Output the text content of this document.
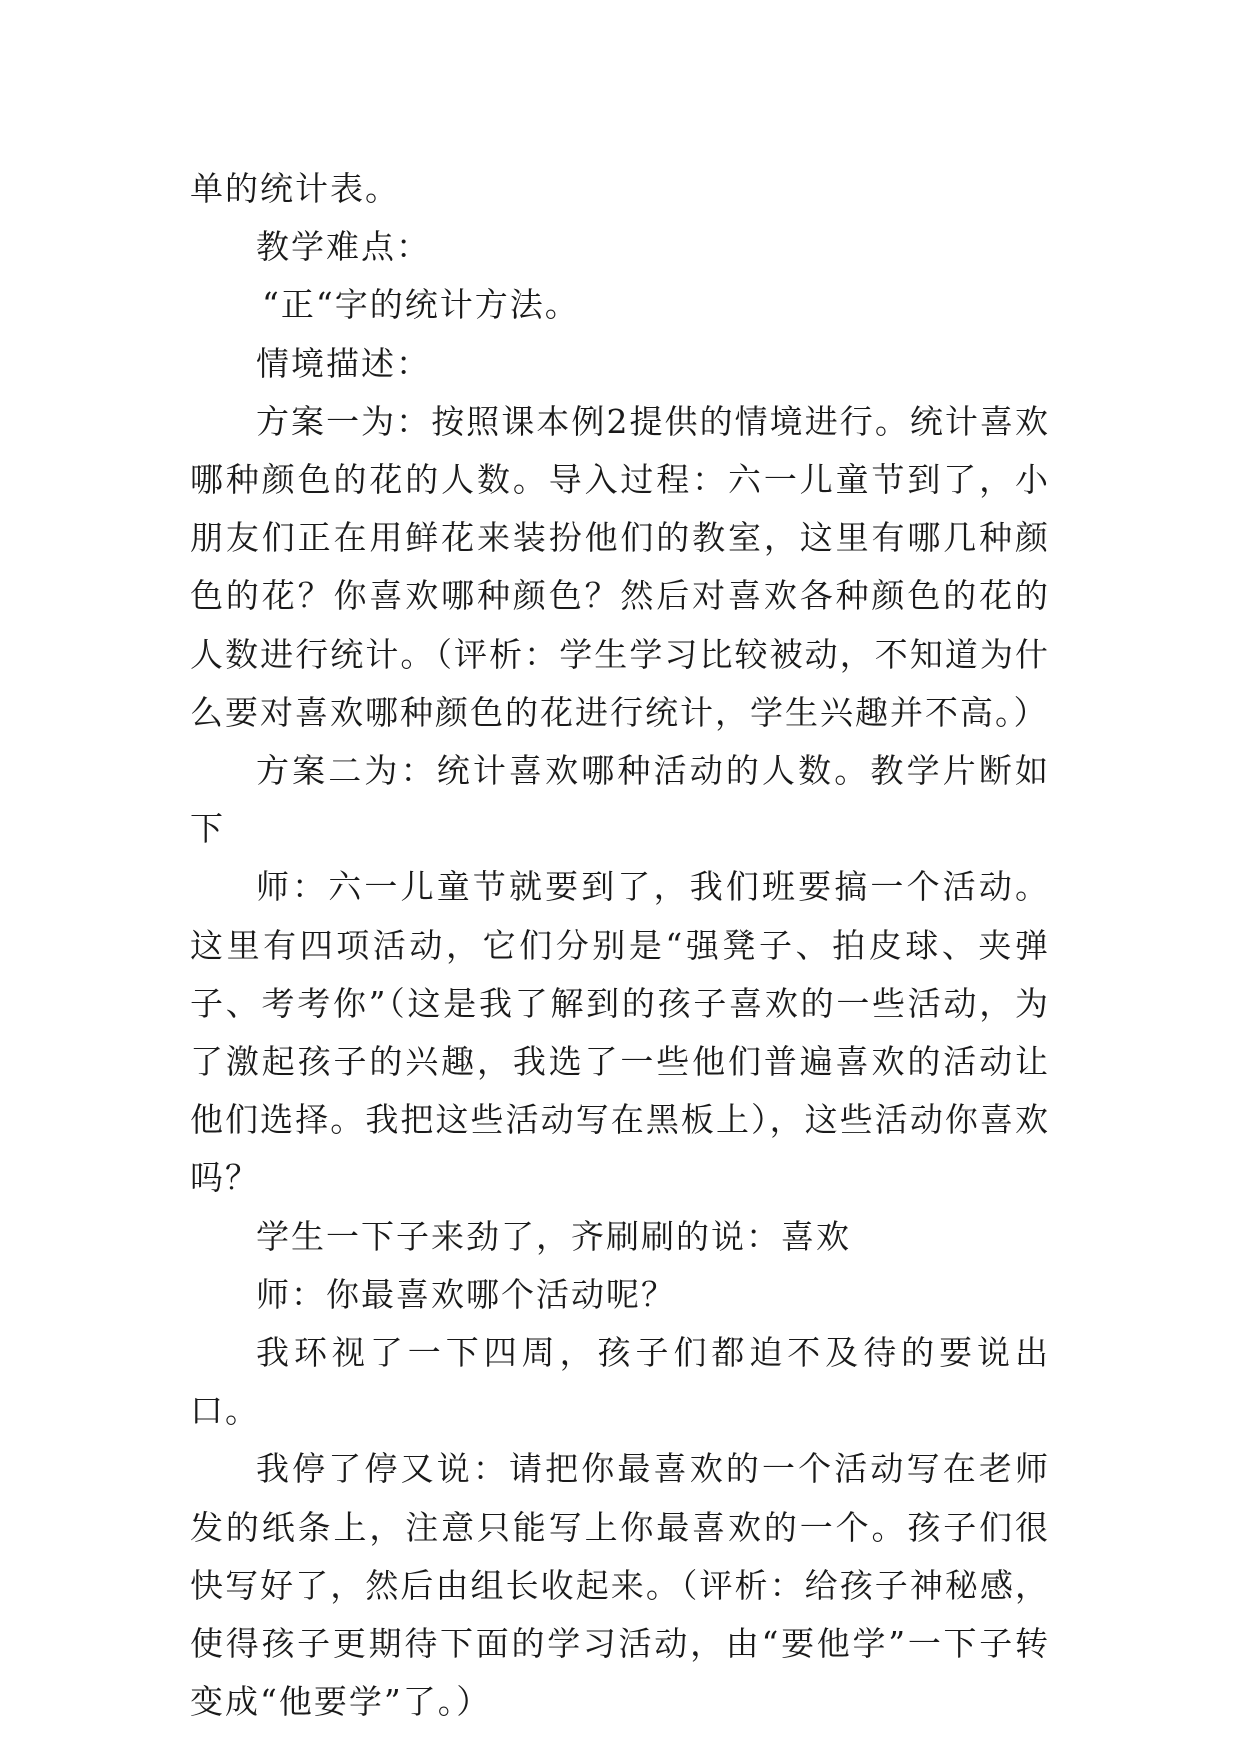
单的统计表。

教学难点：

“正“字的统计方法。

情境描述：

方案一为：按照课本例2提供的情境进行。统计喜欢哪种颜色的花的人数。导入过程：六一儿童节到了，小朋友们正在用鲜花来装扮他们的教室，这里有哪几种颜色的花？你喜欢哪种颜色？然后对喜欢各种颜色的花的人数进行统计。（评析：学生学习比较被动，不知道为什么要对喜欢哪种颜色的花进行统计，学生兴趣并不高。）

方案二为：统计喜欢哪种活动的人数。教学片断如下

师：六一儿童节就要到了，我们班要搞一个活动。这里有四项活动，它们分别是“强凳子、拍皮球、夹弹子、考考你”（这是我了解到的孩子喜欢的一些活动，为了激起孩子的兴趣，我选了一些他们普遍喜欢的活动让他们选择。我把这些活动写在黑板上），这些活动你喜欢吗？

学生一下子来劲了，齐刷刷的说：喜欢

师：你最喜欢哪个活动呢？

我环视了一下四周，孩子们都迫不及待的要说出口。

我停了停又说：请把你最喜欢的一个活动写在老师发的纸条上，注意只能写上你最喜欢的一个。孩子们很快写好了，然后由组长收起来。（评析：给孩子神秘感，使得孩子更期待下面的学习活动，由“要他学”一下子转变成“他要学”了。）
